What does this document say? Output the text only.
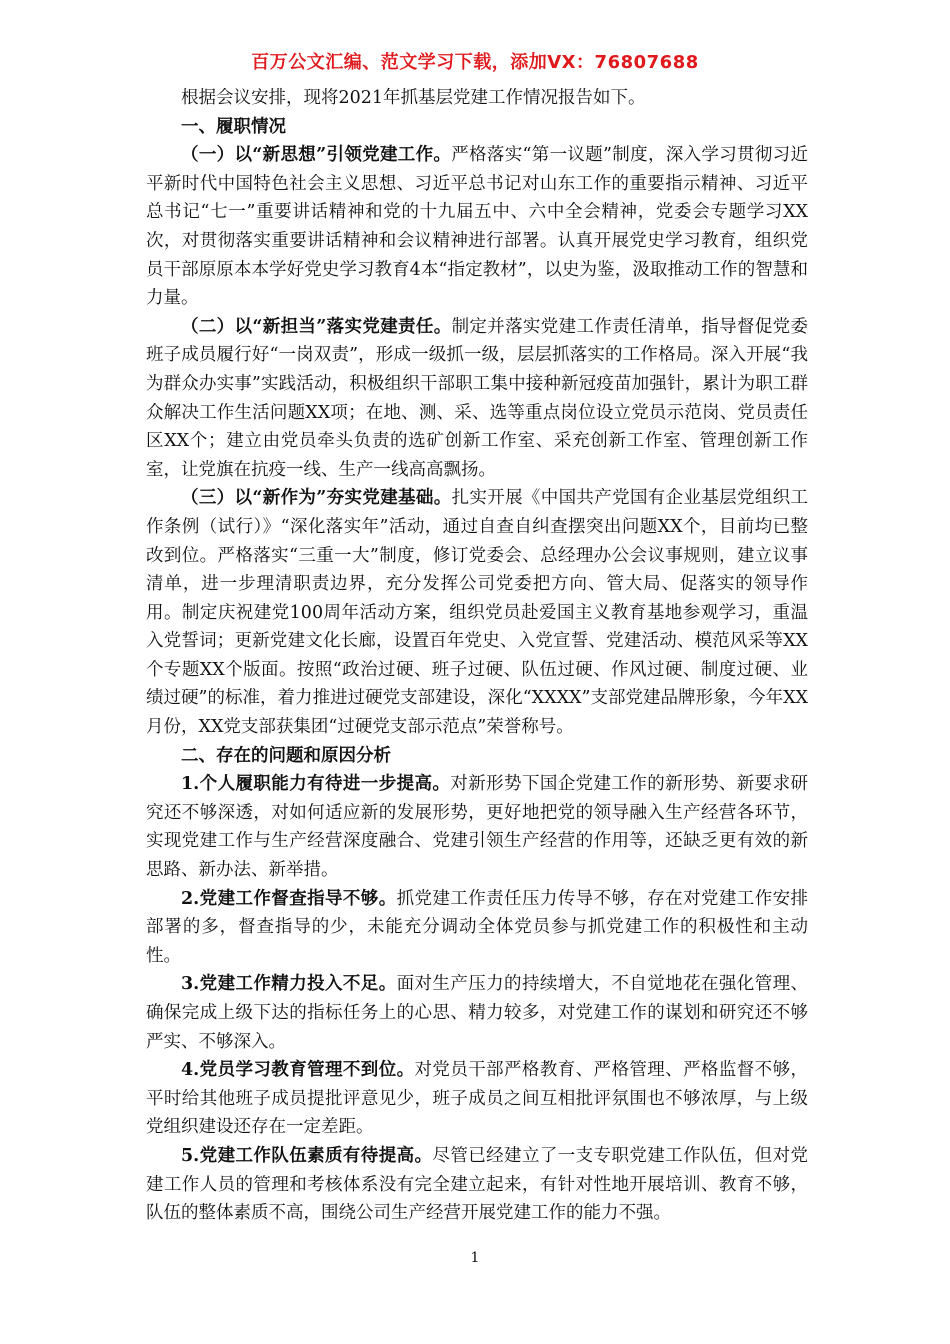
百万公文汇编、范文学习下载，添加VX：76807688

根据会议安排，现将2021年抓基层党建工作情况报告如下。

一、履职情况

（一）以“新思想”引领党建工作。严格落实“第一议题”制度，深入学习贯彻习近平新时代中国特色社会主义思想、习近平总书记对山东工作的重要指示精神、习近平总书记“七一”重要讲话精神和党的十九届五中、六中全会精神，党委会专题学习XX次，对贯彻落实重要讲话精神和会议精神进行部署。认真开展党史学习教育，组织党员干部原原本本学好党史学习教育4本“指定教材”，以史为鉴，汲取推动工作的智慧和力量。

（二）以“新担当”落实党建责任。制定并落实党建工作责任清单，指导督促党委班子成员履行好“一岗双责”，形成一级抓一级，层层抓落实的工作格局。深入开展“我为群众办实事”实践活动，积极组织干部职工集中接种新冠疫苗加强针，累计为职工群众解决工作生活问题XX项；在地、测、采、选等重点岗位设立党员示范岗、党员责任区XX个；建立由党员牵头负责的选矿创新工作室、采充创新工作室、管理创新工作室，让党旗在抗疫一线、生产一线高高飘扬。

（三）以“新作为”夯实党建基础。扎实开展《中国共产党国有企业基层党组织工作条例（试行）》“深化落实年”活动，通过自查自纠查摆突出问题XX个，目前均已整改到位。严格落实“三重一大”制度，修订党委会、总经理办公会议事规则，建立议事清单，进一步理清职责边界，充分发挥公司党委把方向、管大局、促落实的领导作用。制定庆祝建党100周年活动方案，组织党员赴爱国主义教育基地参观学习，重温入党誓词；更新党建文化长廊，设置百年党史、入党宣誓、党建活动、模范风采等XX个专题XX个版面。按照“政治过硬、班子过硬、队伍过硬、作风过硬、制度过硬、业绩过硬”的标准，着力推进过硬党支部建设，深化“XXXX”支部党建品牌形象，今年XX月份，XX党支部获集团“过硬党支部示范点”荣誉称号。

二、存在的问题和原因分析

1.个人履职能力有待进一步提高。对新形势下国企党建工作的新形势、新要求研究还不够深透，对如何适应新的发展形势，更好地把党的领导融入生产经营各环节，实现党建工作与生产经营深度融合、党建引领生产经营的作用等，还缺乏更有效的新思路、新办法、新举措。

2.党建工作督查指导不够。抓党建工作责任压力传导不够，存在对党建工作安排部署的多，督查指导的少，未能充分调动全体党员参与抓党建工作的积极性和主动性。

3.党建工作精力投入不足。面对生产压力的持续增大，不自觉地花在强化管理、确保完成上级下达的指标任务上的心思、精力较多，对党建工作的谋划和研究还不够严实、不够深入。

4.党员学习教育管理不到位。对党员干部严格教育、严格管理、严格监督不够，平时给其他班子成员提批评意见少，班子成员之间互相批评氛围也不够浓厚，与上级党组织建设还存在一定差距。

5.党建工作队伍素质有待提高。尽管已经建立了一支专职党建工作队伍，但对党建工作人员的管理和考核体系没有完全建立起来，有针对性地开展培训、教育不够，队伍的整体素质不高，围绕公司生产经营开展党建工作的能力不强。

1
